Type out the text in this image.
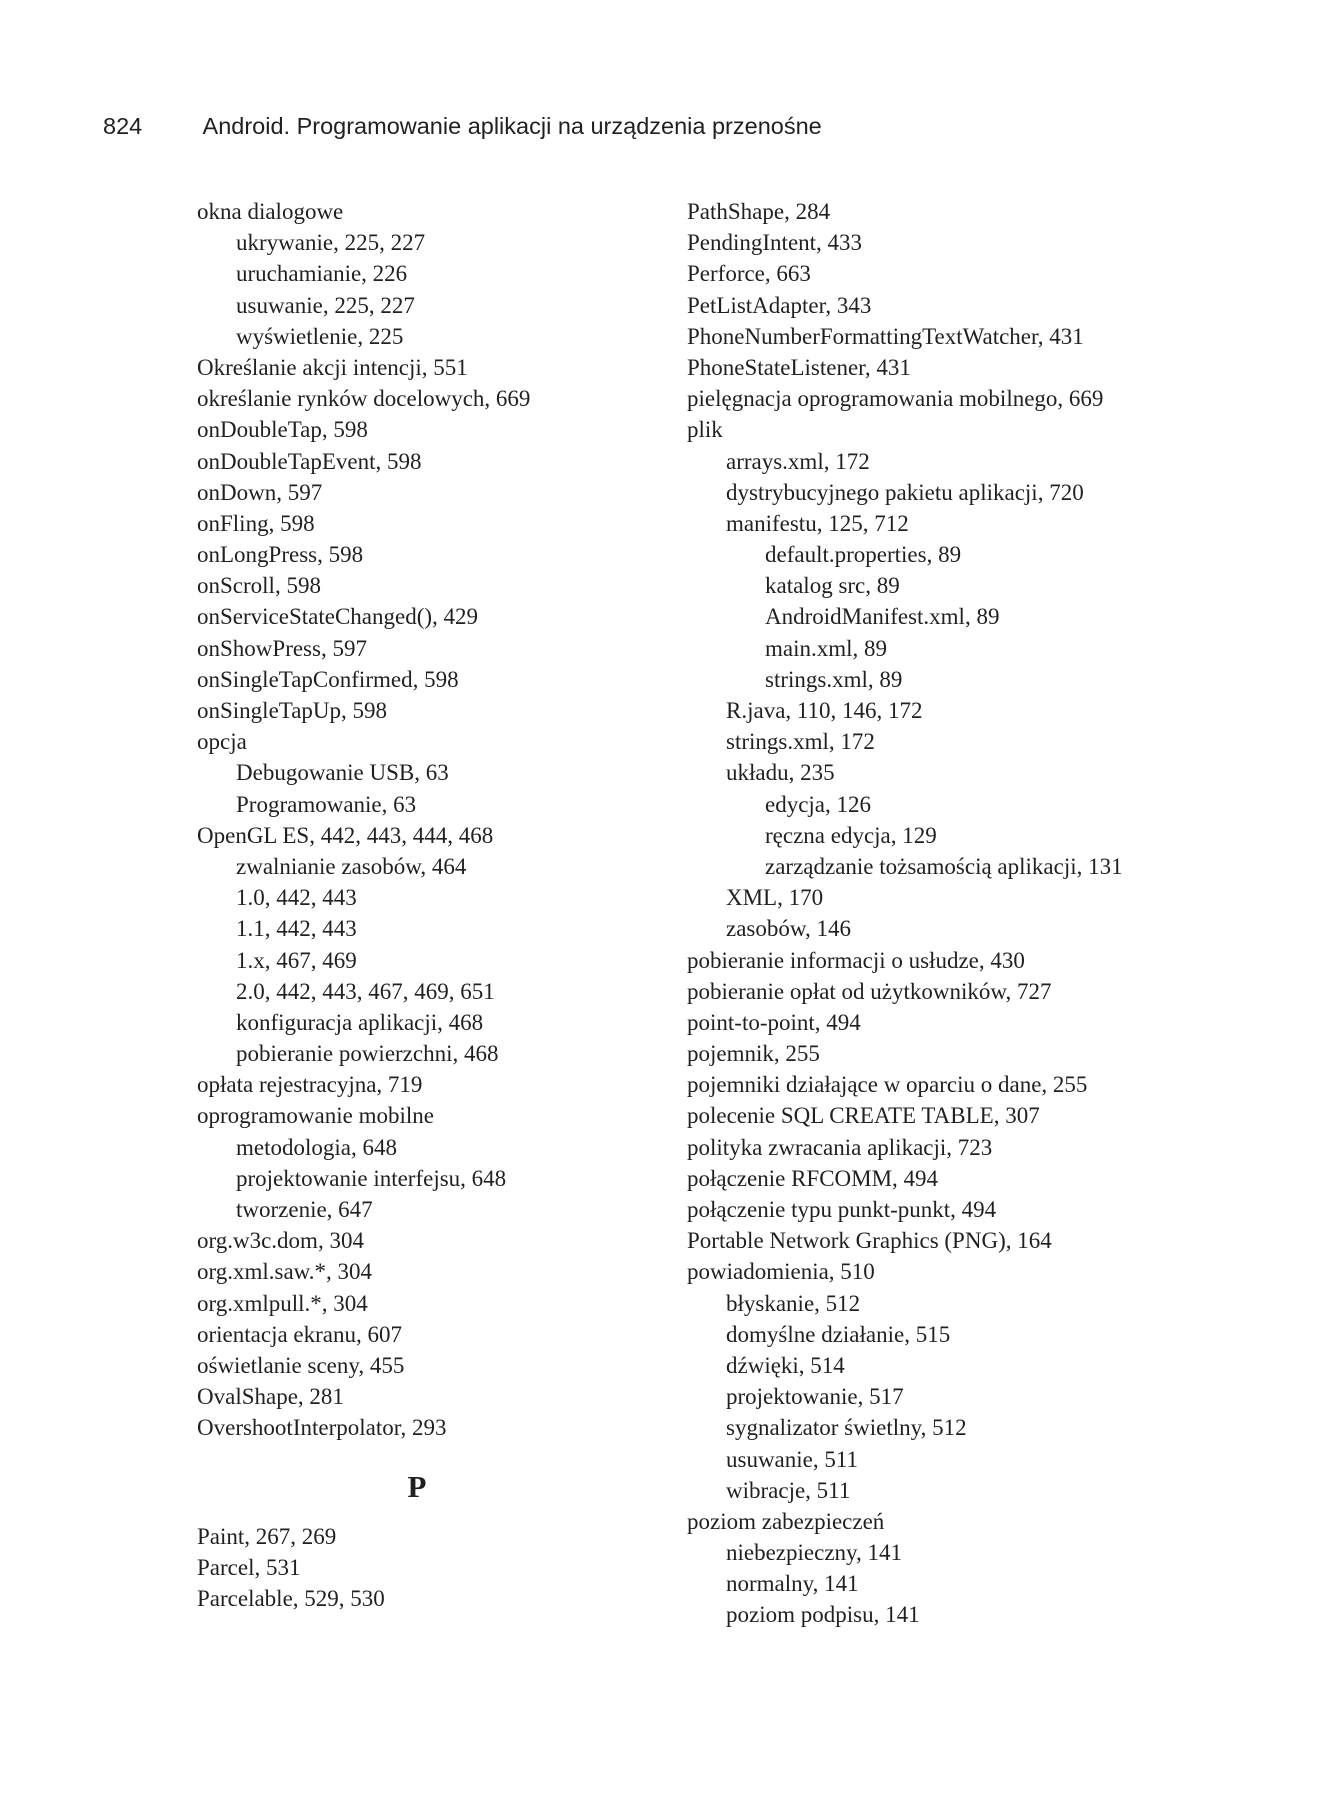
824	Android. Programowanie aplikacji na urządzenia przenośne
okna dialogowe
ukrywanie, 225, 227
uruchamianie, 226
usuwanie, 225, 227
wyświetlenie, 225
Określanie akcji intencji, 551
określanie rynków docelowych, 669
onDoubleTap, 598
onDoubleTapEvent, 598
onDown, 597
onFling, 598
onLongPress, 598
onScroll, 598
onServiceStateChanged(), 429
onShowPress, 597
onSingleTapConfirmed, 598
onSingleTapUp, 598
opcja
Debugowanie USB, 63
Programowanie, 63
OpenGL ES, 442, 443, 444, 468
zwalnianie zasobów, 464
1.0, 442, 443
1.1, 442, 443
1.x, 467, 469
2.0, 442, 443, 467, 469, 651
konfiguracja aplikacji, 468
pobieranie powierzchni, 468
opłata rejestracyjna, 719
oprogramowanie mobilne
metodologia, 648
projektowanie interfejsu, 648
tworzenie, 647
org.w3c.dom, 304
org.xml.saw.*, 304
org.xmlpull.*, 304
orientacja ekranu, 607
oświetlanie sceny, 455
OvalShape, 281
OvershootInterpolator, 293
P
Paint, 267, 269
Parcel, 531
Parcelable, 529, 530
PathShape, 284
PendingIntent, 433
Perforce, 663
PetListAdapter, 343
PhoneNumberFormattingTextWatcher, 431
PhoneStateListener, 431
pielęgnacja oprogramowania mobilnego, 669
plik
arrays.xml, 172
dystrybucyjnego pakietu aplikacji, 720
manifestu, 125, 712
default.properties, 89
katalog src, 89
AndroidManifest.xml, 89
main.xml, 89
strings.xml, 89
R.java, 110, 146, 172
strings.xml, 172
układu, 235
edycja, 126
ręczna edycja, 129
zarządzanie tożsamością aplikacji, 131
XML, 170
zasobów, 146
pobieranie informacji o usłudze, 430
pobieranie opłat od użytkowników, 727
point-to-point, 494
pojemnik, 255
pojemniki działające w oparciu o dane, 255
polecenie SQL CREATE TABLE, 307
polityka zwracania aplikacji, 723
połączenie RFCOMM, 494
połączenie typu punkt-punkt, 494
Portable Network Graphics (PNG), 164
powiadomienia, 510
błyskanie, 512
domyślne działanie, 515
dźwięki, 514
projektowanie, 517
sygnalizator świetlny, 512
usuwanie, 511
wibracje, 511
poziom zabezpieczeń
niebezpieczny, 141
normalny, 141
poziom podpisu, 141
